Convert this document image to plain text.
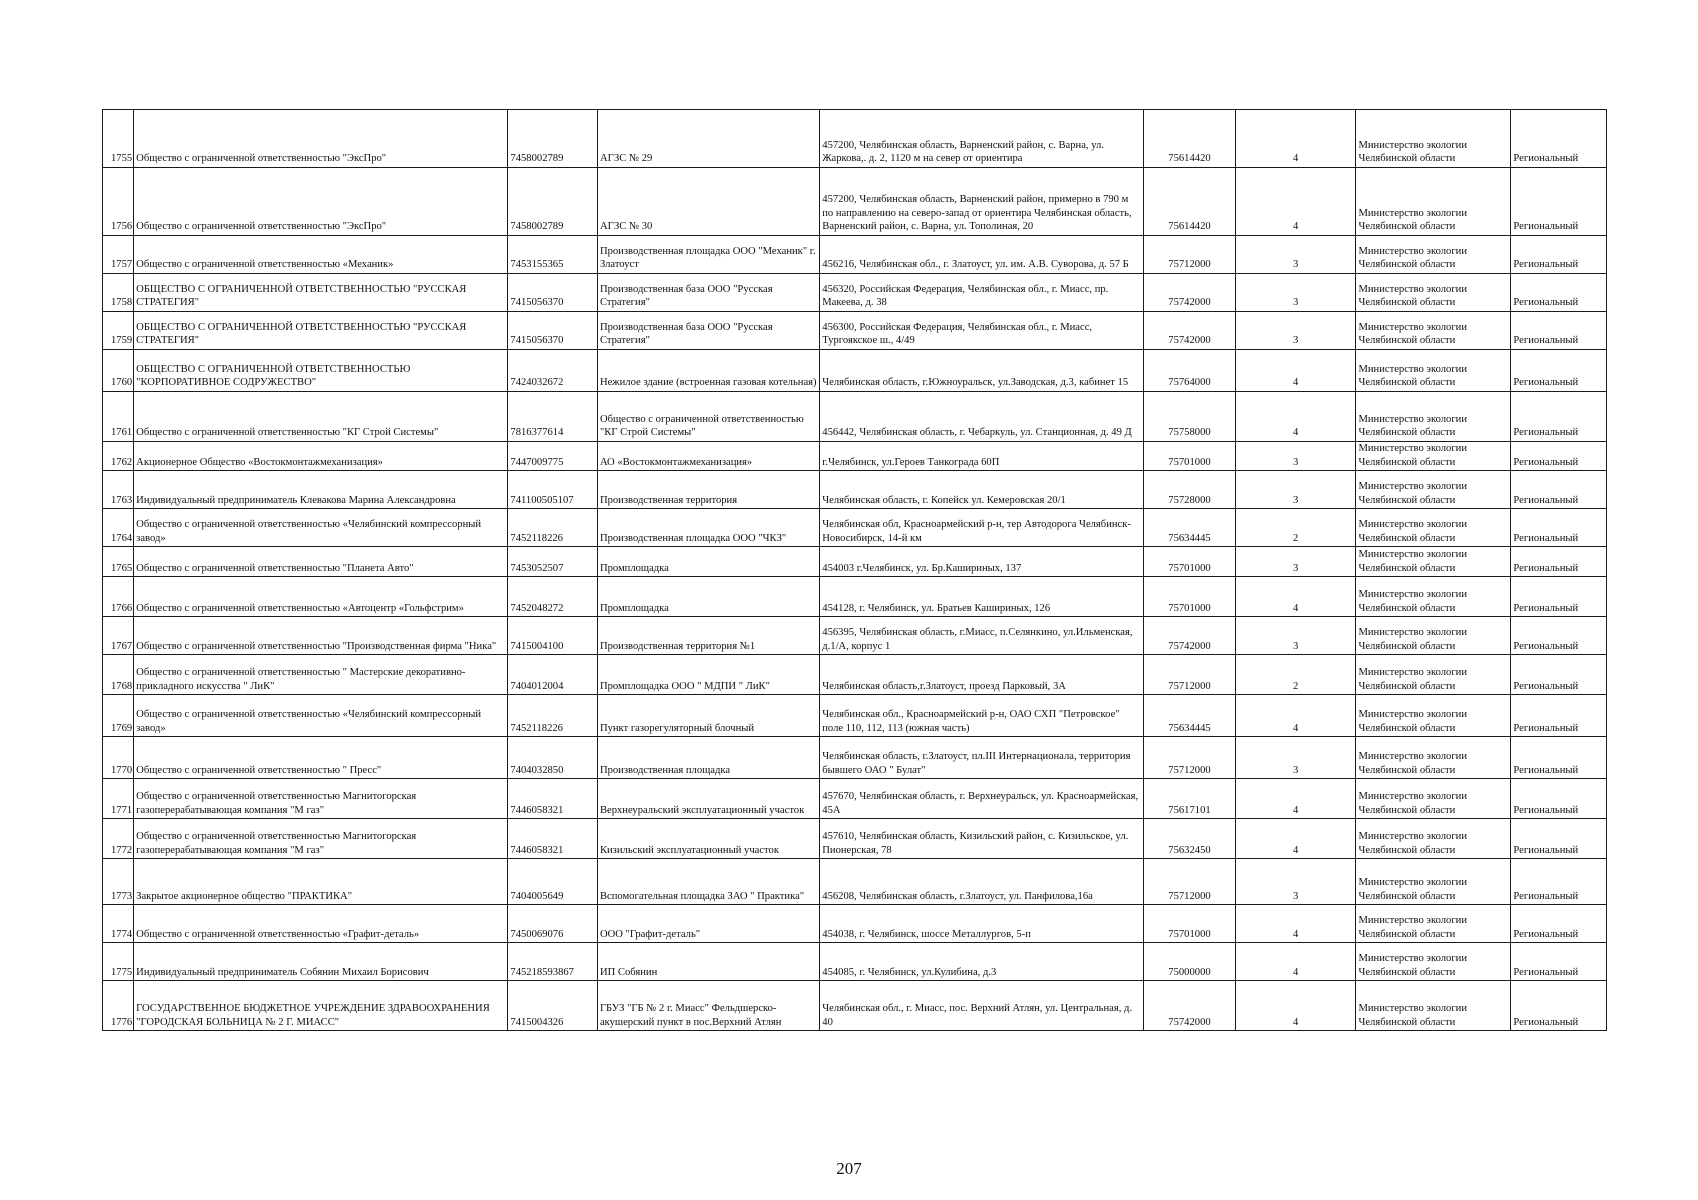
1755	Общество с ограниченной ответственностью "ЭксПро"	7458002789	АГЗС № 29	457200, Челябинская область, Варненский район, с. Варна, ул. Жаркова,. д. 2, 1120 м на север от ориентира	75614420	4	Министерство экологии Челябинской области	Региональный
1756	Общество с ограниченной ответственностью "ЭксПро"	7458002789	АГЗС № 30	457200, Челябинская область, Варненский район, примерно в 790 м по направлению на северо-запад от ориентира Челябинская область, Варненский район, с. Варна, ул. Тополиная, 20	75614420	4	Министерство экологии Челябинской области	Региональный
1757	Общество с ограниченной ответственностью «Механик»	7453155365	Производственная площадка ООО "Механик" г. Златоуст	456216, Челябинская обл., г. Златоуст, ул. им. А.В. Суворова, д. 57 Б	75712000	3	Министерство экологии Челябинской области	Региональный
1758	ОБЩЕСТВО С ОГРАНИЧЕННОЙ ОТВЕТСТВЕННОСТЬЮ "РУССКАЯ СТРАТЕГИЯ"	7415056370	Производственная база ООО "Русская Стратегия"	456320, Российская Федерация, Челябинская обл., г. Миасс, пр. Макеева, д. 38	75742000	3	Министерство экологии Челябинской области	Региональный
1759	ОБЩЕСТВО С ОГРАНИЧЕННОЙ ОТВЕТСТВЕННОСТЬЮ "РУССКАЯ СТРАТЕГИЯ"	7415056370	Производственная база ООО "Русская Стратегия"	456300, Российская Федерация, Челябинская обл., г. Миасс, Тургоякское ш., 4/49	75742000	3	Министерство экологии Челябинской области	Региональный
1760	ОБЩЕСТВО С ОГРАНИЧЕННОЙ ОТВЕТСТВЕННОСТЬЮ "КОРПОРАТИВНОЕ СОДРУЖЕСТВО"	7424032672	Нежилое здание (встроенная газовая котельная)	Челябинская область, г.Южноуральск, ул.Заводская, д.3, кабинет 15	75764000	4	Министерство экологии Челябинской области	Региональный
1761	Общество с ограниченной ответственностью "КГ Строй Системы"	7816377614	Общество с ограниченной ответственностью "КГ Строй Системы"	456442, Челябинская область, г. Чебаркуль, ул. Станционная, д. 49 Д	75758000	4	Министерство экологии Челябинской области	Региональный
1762	Акционерное Общество «Востокмонтажмеханизация»	7447009775	АО «Востокмонтажмеханизация»	г.Челябинск, ул.Героев Танкограда 60П	75701000	3	Министерство экологии Челябинской области	Региональный
1763	Индивидуальный предприниматель Клевакова Марина Александровна	741100505107	Производственная территория	Челябинская область, г. Копейск ул. Кемеровская 20/1	75728000	3	Министерство экологии Челябинской области	Региональный
1764	Общество с ограниченной ответственностью «Челябинский компрессорный завод»	7452118226	Производственная площадка ООО "ЧКЗ"	Челябинская обл, Красноармейский р-н, тер Автодорога Челябинск-Новосибирск, 14-й км	75634445	2	Министерство экологии Челябинской области	Региональный
1765	Общество с ограниченной ответственностью "Планета Авто"	7453052507	Промплощадка	454003 г.Челябинск, ул. Бр.Кашириных, 137	75701000	3	Министерство экологии Челябинской области	Региональный
1766	Общество с ограниченной ответственностью «Автоцентр «Гольфстрим»	7452048272	Промплощадка	454128, г. Челябинск, ул. Братьев Кашириных, 126	75701000	4	Министерство экологии Челябинской области	Региональный
1767	Общество с ограниченной ответственностью "Производственная фирма "Ника"	7415004100	Производственная территория №1	456395, Челябинская область, г.Миасс, п.Селянкино, ул.Ильменская, д.1/А, корпус 1	75742000	3	Министерство экологии Челябинской области	Региональный
1768	Общество с ограниченной ответственностью " Мастерские декоративно-прикладного искусства " ЛиК"	7404012004	Промплощадка ООО " МДПИ " ЛиК"	Челябинская область,г.Златоуст, проезд Парковый, 3А	75712000	2	Министерство экологии Челябинской области	Региональный
1769	Общество с ограниченной ответственностью «Челябинский компрессорный завод»	7452118226	Пункт газорегуляторный блочный	Челябинская обл., Красноармейский р-н, ОАО СХП "Петровское" поле 110, 112, 113 (южная часть)	75634445	4	Министерство экологии Челябинской области	Региональный
1770	Общество с ограниченной ответственностью " Пресс"	7404032850	Производственная площадка	Челябинская область, г.Златоуст, пл.III Интернационала, территория бывшего ОАО " Булат"	75712000	3	Министерство экологии Челябинской области	Региональный
1771	Общество с ограниченной ответственностью Магнитогорская газоперерабатывающая компания "М газ"	7446058321	Верхнеуральский эксплуатационный участок	457670, Челябинская область, г. Верхнеуральск, ул. Красноармейская, 45А	75617101	4	Министерство экологии Челябинской области	Региональный
1772	Общество с ограниченной ответственностью Магнитогорская газоперерабатывающая компания "М газ"	7446058321	Кизильский эксплуатационный участок	457610, Челябинская область, Кизильский район, с. Кизильское, ул. Пионерская, 78	75632450	4	Министерство экологии Челябинской области	Региональный
1773	Закрытое акционерное общество "ПРАКТИКА"	7404005649	Вспомогательная площадка ЗАО " Практика"	456208, Челябинская область, г.Златоуст, ул. Панфилова,16а	75712000	3	Министерство экологии Челябинской области	Региональный
1774	Общество с ограниченной ответственностью «Графит-деталь»	7450069076	ООО "Графит-деталь"	454038, г. Челябинск, шоссе Металлургов, 5-п	75701000	4	Министерство экологии Челябинской области	Региональный
1775	Индивидуальный предприниматель Собянин Михаил Борисович	745218593867	ИП Собянин	454085, г. Челябинск, ул.Кулибина, д.3	75000000	4	Министерство экологии Челябинской области	Региональный
1776	ГОСУДАРСТВЕННОЕ БЮДЖЕТНОЕ УЧРЕЖДЕНИЕ ЗДРАВООХРАНЕНИЯ "ГОРОДСКАЯ БОЛЬНИЦА № 2 Г. МИАСС"	7415004326	ГБУЗ "ГБ № 2 г. Миасс" Фельдшерско-акушерский пункт в пос.Верхний Атлян	Челябинская обл., г. Миасс, пос. Верхний Атлян, ул. Центральная, д. 40	75742000	4	Министерство экологии Челябинской области	Региональный
207
